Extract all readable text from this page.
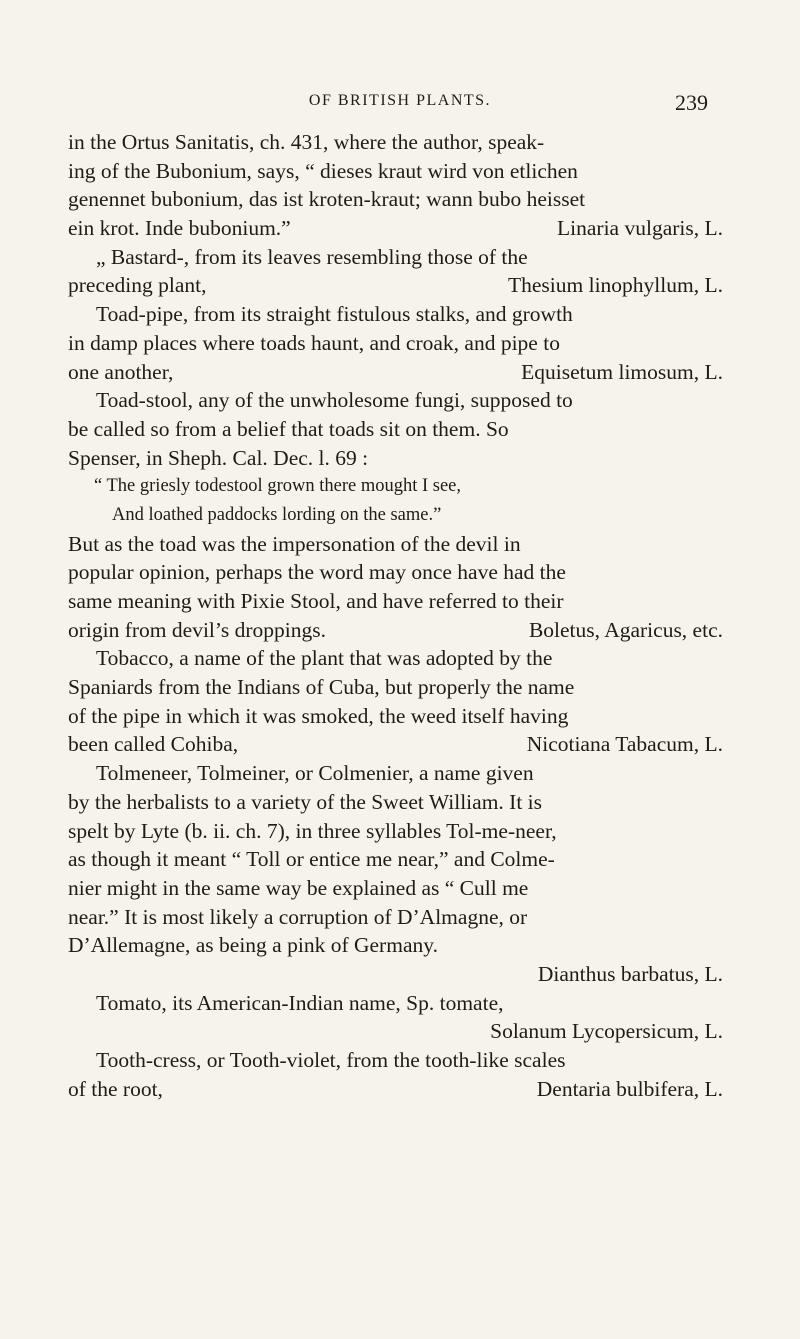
OF BRITISH PLANTS.	239
in the Ortus Sanitatis, ch. 431, where the author, speak-
ing of the Bubonium, says, “ dieses kraut wird von etlichen
genennet bubonium, das ist kroten-kraut; wann bubo heisset
ein krot. Inde bubonium.”	Linaria vulgaris, L.
„ Bastard-, from its leaves resembling those of the
preceding plant,	Thesium linophyllum, L.
Toad-pipe, from its straight fistulous stalks, and growth
in damp places where toads haunt, and croak, and pipe to
one another,	Equisetum limosum, L.
Toad-stool, any of the unwholesome fungi, supposed to
be called so from a belief that toads sit on them. So
Spenser, in Sheph. Cal. Dec. l. 69 :
“ The griesly todestool grown there mought I see,
And loathed paddocks lording on the same.”
But as the toad was the impersonation of the devil in
popular opinion, perhaps the word may once have had the
same meaning with Pixie Stool, and have referred to their
origin from devil’s droppings.	Boletus, Agaricus, etc.
Tobacco, a name of the plant that was adopted by the
Spaniards from the Indians of Cuba, but properly the name
of the pipe in which it was smoked, the weed itself having
been called Cohiba,	Nicotiana Tabacum, L.
Tolmeneer, Tolmeiner, or Colmenier, a name given
by the herbalists to a variety of the Sweet William. It is
spelt by Lyte (b. ii. ch. 7), in three syllables Tol-me-neer,
as though it meant “ Toll or entice me near,” and Colme-
nier might in the same way be explained as “ Cull me
near.” It is most likely a corruption of D’Almagne, or
D’Allemagne, as being a pink of Germany.
Dianthus barbatus, L.
Tomato, its American-Indian name, Sp. tomate,
Solanum Lycopersicum, L.
Tooth-cress, or Tooth-violet, from the tooth-like scales
of the root,	Dentaria bulbifera, L.
